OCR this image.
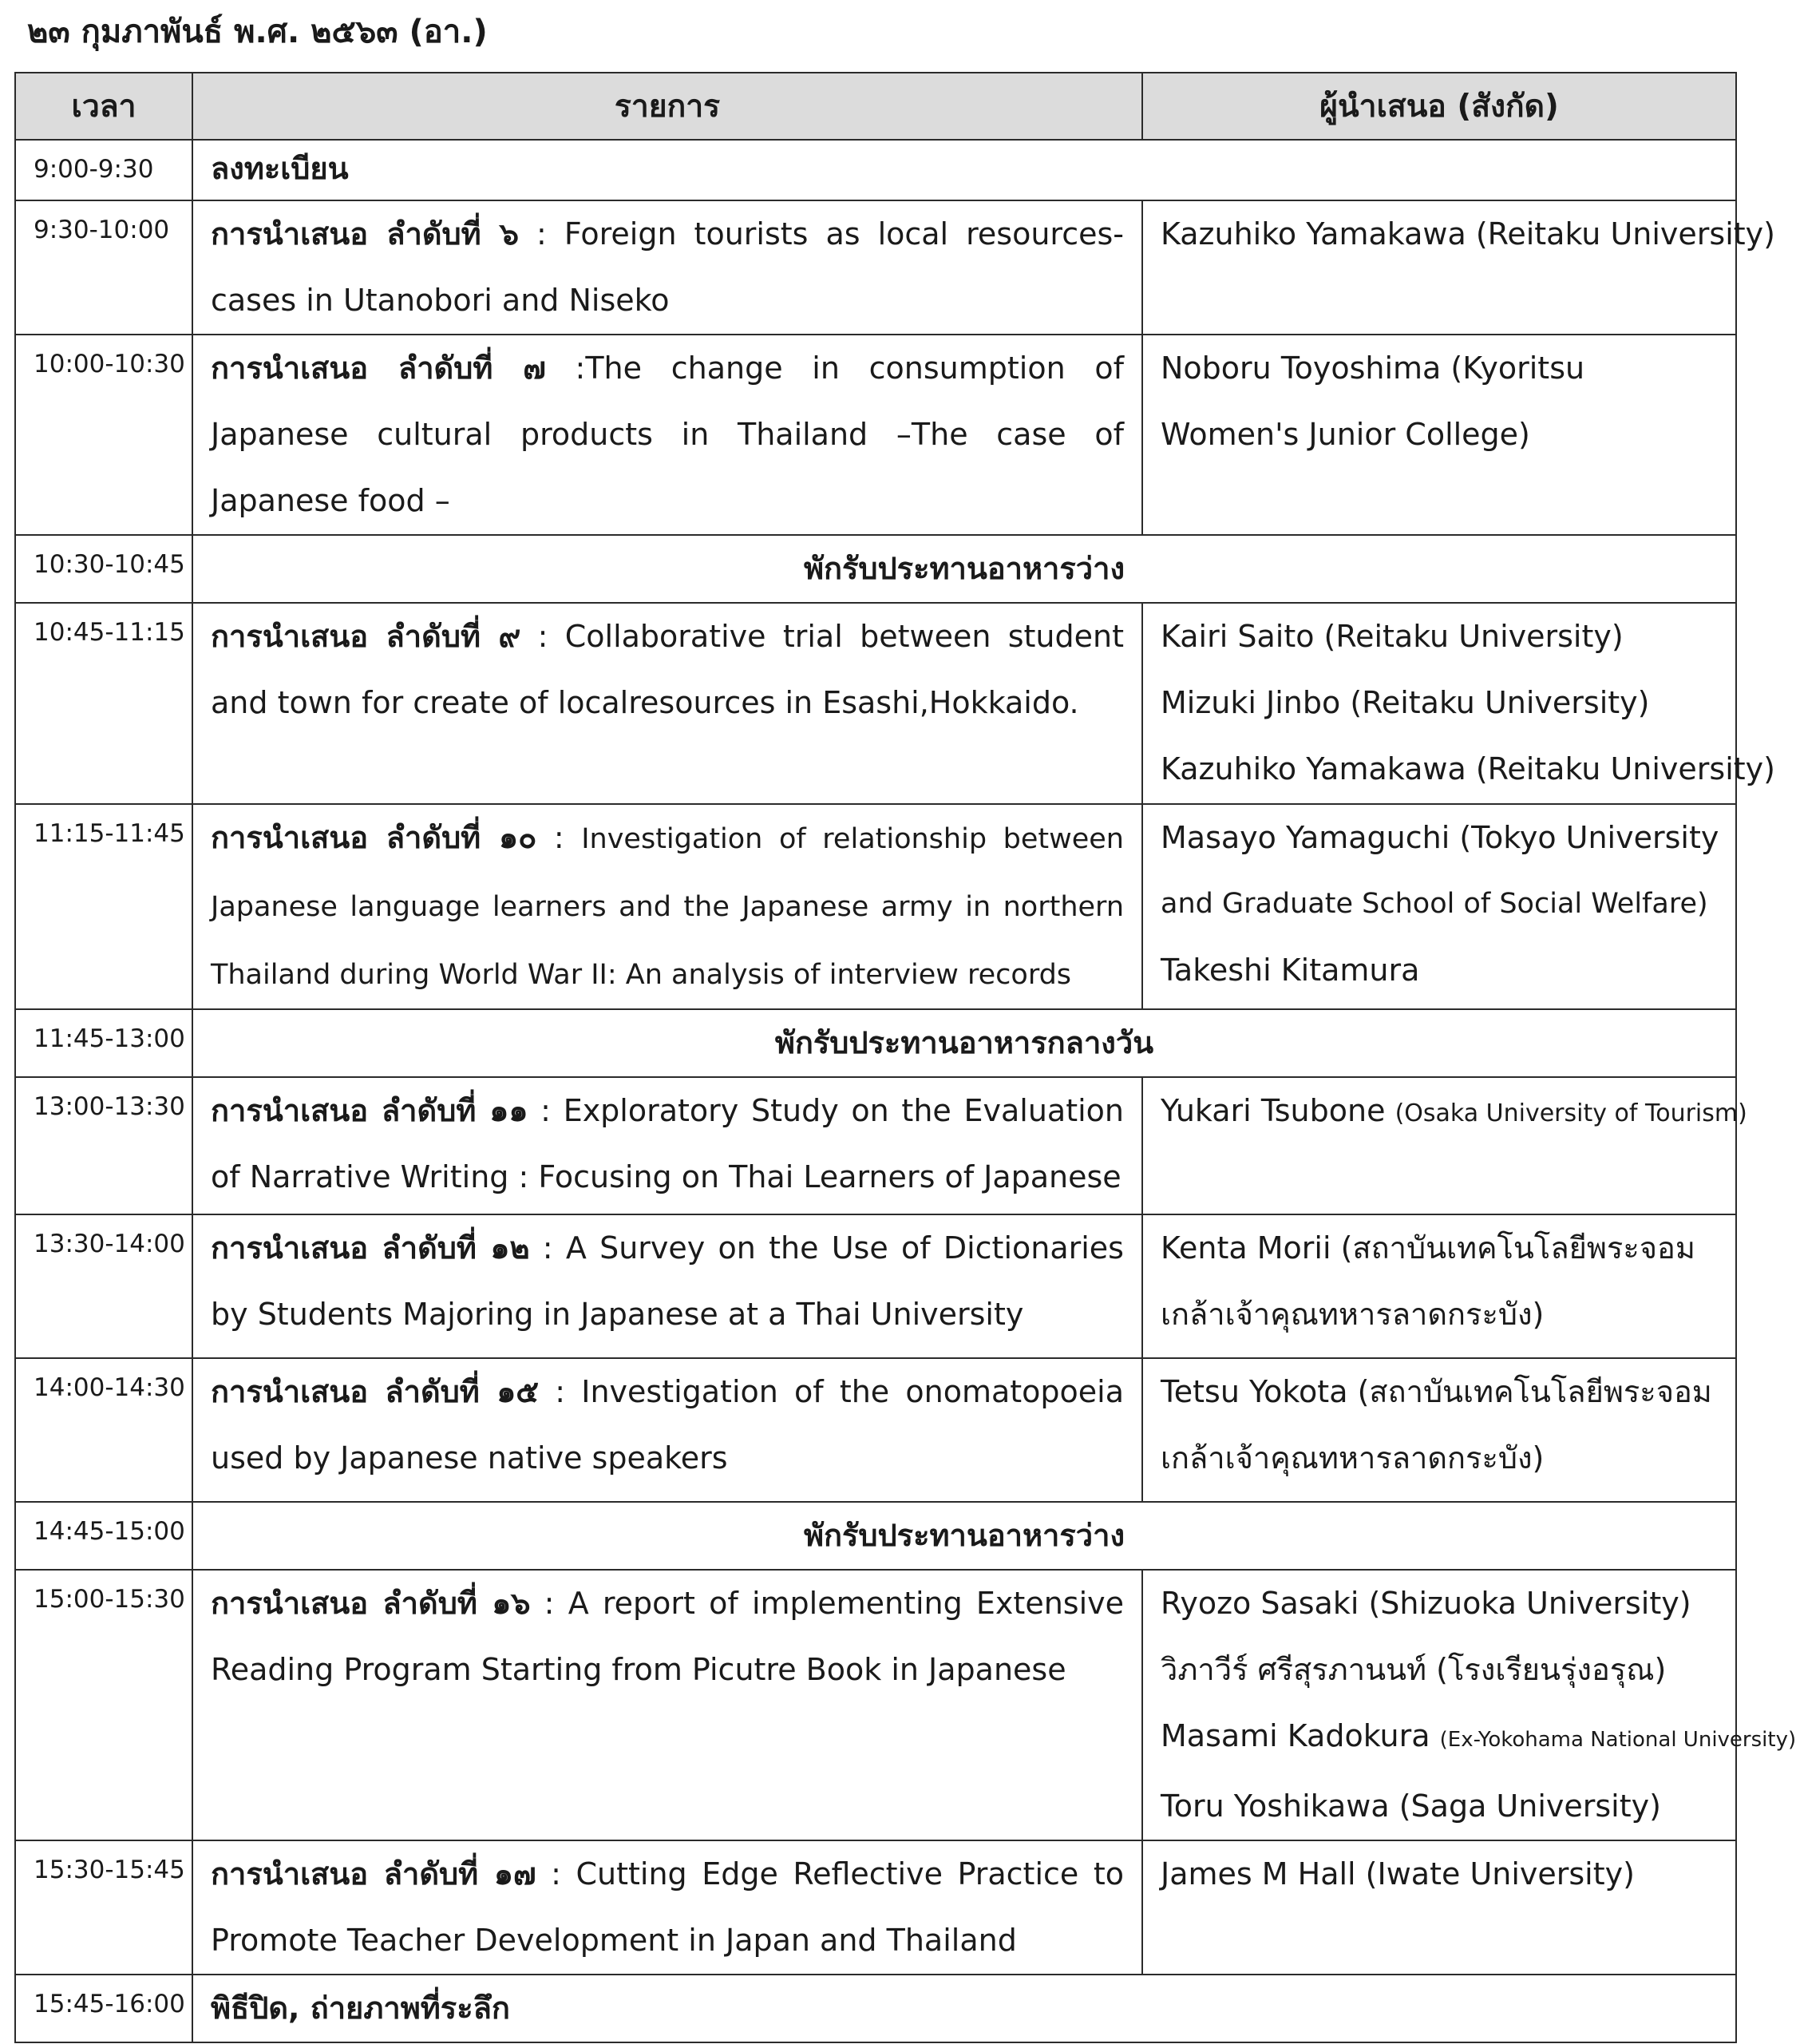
๒๓ กุมภาพันธ์ พ.ศ. ๒๕๖๓ (อา.)
เวลา	รายการ	ผู้นำเสนอ (สังกัด)
9:00-9:30	ลงทะเบียน	
9:30-10:00	การนำเสนอ ลำดับที่ ๖ : Foreign tourists as local resources-cases in Utanobori and Niseko	Kazuhiko Yamakawa (Reitaku University)

10:00-10:30	การนำเสนอ ลำดับที่ ๗ :The change in consumption of Japanese cultural products in Thailand –The case of Japanese food –	Noboru Toyoshima (Kyoritsu
Women's Junior College)

10:30-10:45	พักรับประทานอาหารว่าง	
10:45-11:15	การนำเสนอ ลำดับที่ ๙ : Collaborative trial between student and town for create of localresources in Esashi,Hokkaido.	Kairi Saito (Reitaku University)
Mizuki Jinbo (Reitaku University)
Kazuhiko Yamakawa (Reitaku University)

11:15-11:45	การนำเสนอ ลำดับที่ ๑๐ : Investigation of relationship between Japanese language learners and the Japanese army in northern Thailand during World War II: An analysis of interview records	Masayo Yamaguchi (Tokyo University
and Graduate School of Social Welfare)
Takeshi Kitamura

11:45-13:00	พักรับประทานอาหารกลางวัน	
13:00-13:30	การนำเสนอ ลำดับที่ ๑๑ : Exploratory Study on the Evaluation of Narrative Writing : Focusing on Thai Learners of Japanese	Yukari Tsubone (Osaka University of Tourism)

13:30-14:00	การนำเสนอ ลำดับที่ ๑๒ : A Survey on the Use of Dictionaries by Students Majoring in Japanese at a Thai University	Kenta Morii (สถาบันเทคโนโลยีพระจอม
เกล้าเจ้าคุณทหารลาดกระบัง)

14:00-14:30	การนำเสนอ ลำดับที่ ๑๕ : Investigation of the onomatopoeia used by Japanese native speakers	Tetsu Yokota (สถาบันเทคโนโลยีพระจอม
เกล้าเจ้าคุณทหารลาดกระบัง)

14:45-15:00	พักรับประทานอาหารว่าง	
15:00-15:30	การนำเสนอ ลำดับที่ ๑๖ : A report of implementing Extensive Reading Program Starting from Picutre Book in Japanese	Ryozo Sasaki (Shizuoka University)
วิภาวีร์ ศรีสุรภานนท์ (โรงเรียนรุ่งอรุณ)
Masami Kadokura (Ex-Yokohama National University)
Toru Yoshikawa (Saga University)

15:30-15:45	การนำเสนอ ลำดับที่ ๑๗ : Cutting Edge Reflective Practice to Promote Teacher Development in Japan and Thailand	James M Hall (Iwate University)

15:45-16:00	พิธีปิด, ถ่ายภาพที่ระลึก	
